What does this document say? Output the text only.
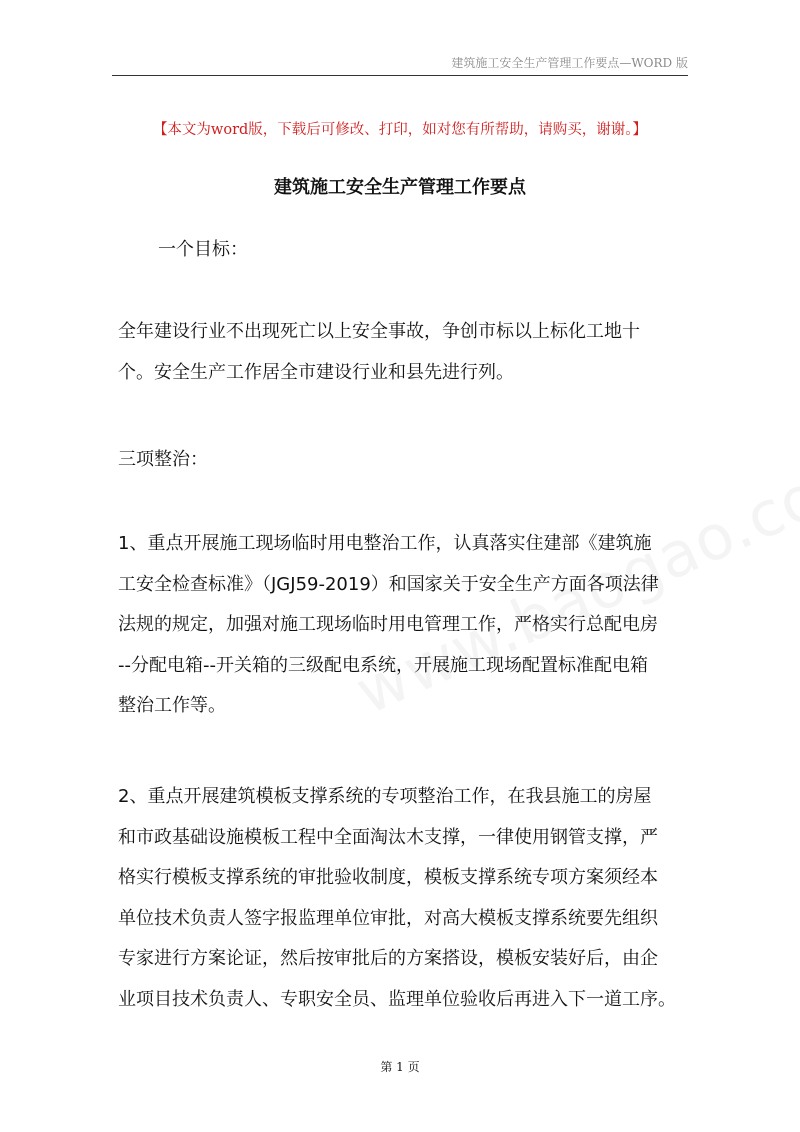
建筑施工安全生产管理工作要点—WORD 版
【本文为word版，下载后可修改、打印，如对您有所帮助，请购买，谢谢。】
建筑施工安全生产管理工作要点

一个目标：

全年建设行业不出现死亡以上安全事故，争创市标以上标化工地十
个。安全生产工作居全市建设行业和县先进行列。

三项整治：

1、重点开展施工现场临时用电整治工作，认真落实住建部《建筑施
工安全检查标准》（JGJ59-2019）和国家关于安全生产方面各项法律
法规的规定，加强对施工现场临时用电管理工作，严格实行总配电房
--分配电箱--开关箱的三级配电系统，开展施工现场配置标准配电箱
整治工作等。

2、重点开展建筑模板支撑系统的专项整治工作，在我县施工的房屋
和市政基础设施模板工程中全面淘汰木支撑，一律使用钢管支撑，严
格实行模板支撑系统的审批验收制度，模板支撑系统专项方案须经本
单位技术负责人签字报监理单位审批，对高大模板支撑系统要先组织
专家进行方案论证，然后按审批后的方案搭设，模板安装好后，由企
业项目技术负责人、专职安全员、监理单位验收后再进入下一道工序。

第 1 页
